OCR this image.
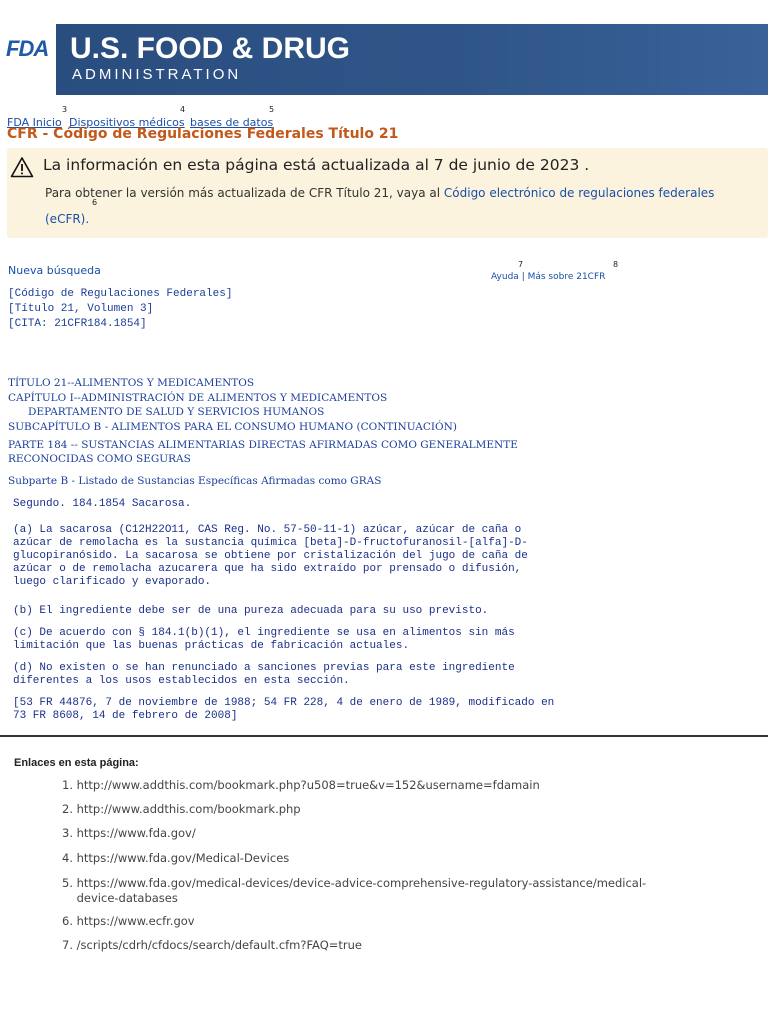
FDA U.S. FOOD & DRUG
ADMINISTRATION
3	4	5
FDA Inicio Dispositivos médicos bases de datos
CFR - Código de Regulaciones Federales Título 21
La información en esta página está actualizada al 7 de junio de 2023 .
Para obtener la versión más actualizada de CFR Título 21, vaya al Código electrónico de regulaciones federales
(eCFR).
6
Nueva búsqueda	7	8
Ayuda | Más sobre 21CFR
[Código de Regulaciones Federales]
[Título 21, Volumen 3]
[CITA: 21CFR184.1854]
TÍTULO 21--ALIMENTOS Y MEDICAMENTOS
CAPÍTULO I--ADMINISTRACIÓN DE ALIMENTOS Y MEDICAMENTOS
DEPARTAMENTO DE SALUD Y SERVICIOS HUMANOS
SUBCAPÍTULO B - ALIMENTOS PARA EL CONSUMO HUMANO (CONTINUACIÓN)
PARTE 184 -- SUSTANCIAS ALIMENTARIAS DIRECTAS AFIRMADAS COMO GENERALMENTE
RECONOCIDAS COMO SEGURAS
Subparte B - Listado de Sustancias Específicas Afirmadas como GRAS
Segundo. 184.1854 Sacarosa.
(a) La sacarosa (C12H22O11, CAS Reg. No. 57-50-11-1) azúcar, azúcar de caña o
azúcar de remolacha es la sustancia química [beta]-D-fructofuranosil-[alfa]-D-
glucopiranósido. La sacarosa se obtiene por cristalización del jugo de caña de
azúcar o de remolacha azucarera que ha sido extraído por prensado o difusión,
luego clarificado y evaporado.
(b) El ingrediente debe ser de una pureza adecuada para su uso previsto.
(c) De acuerdo con § 184.1(b)(1), el ingrediente se usa en alimentos sin más
limitación que las buenas prácticas de fabricación actuales.
(d) No existen o se han renunciado a sanciones previas para este ingrediente
diferentes a los usos establecidos en esta sección.
[53 FR 44876, 7 de noviembre de 1988; 54 FR 228, 4 de enero de 1989, modificado en
73 FR 8608, 14 de febrero de 2008]
Enlaces en esta página:
1. http://www.addthis.com/bookmark.php?u508=true&v=152&username=fdamain
2. http://www.addthis.com/bookmark.php
3. https://www.fda.gov/
4. https://www.fda.gov/Medical-Devices
5. https://www.fda.gov/medical-devices/device-advice-comprehensive-regulatory-assistance/medical-
device-databases
6. https://www.ecfr.gov
7. /scripts/cdrh/cfdocs/search/default.cfm?FAQ=true
